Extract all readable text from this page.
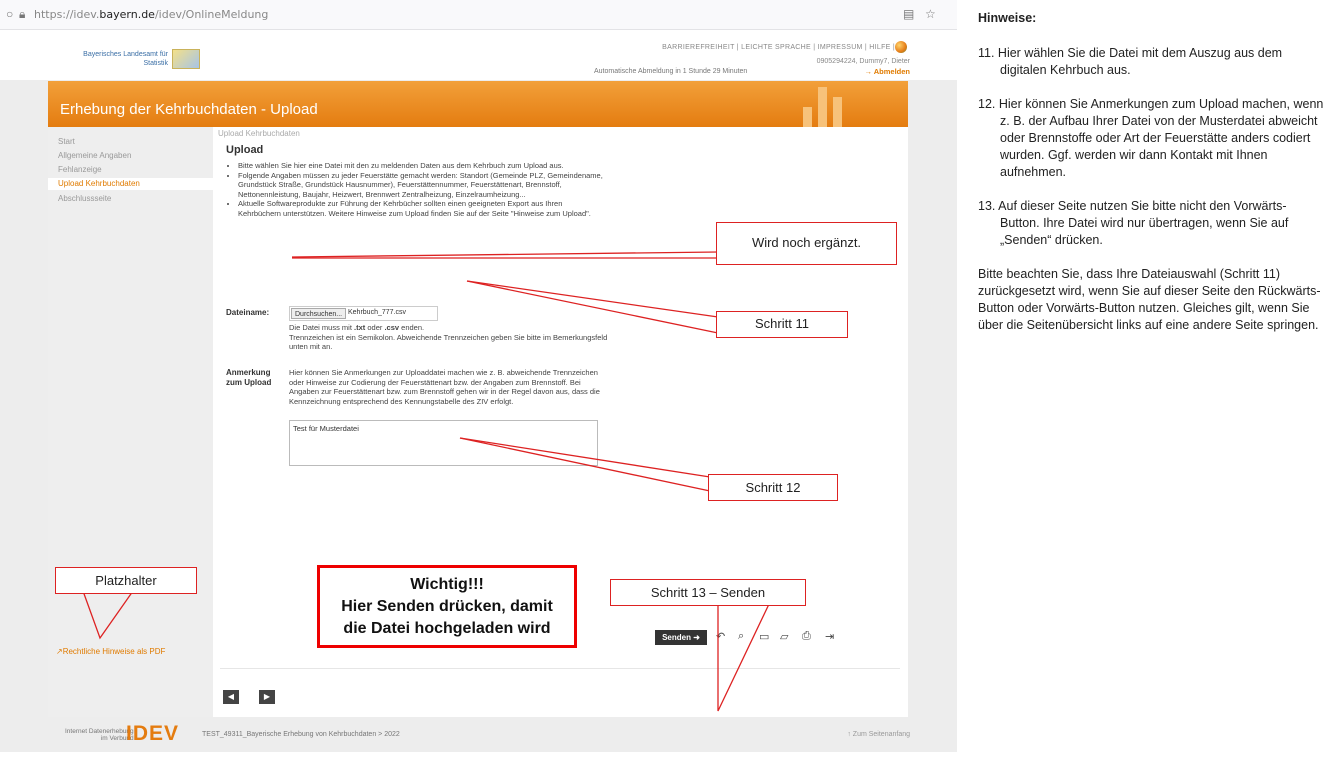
○ 🔒︎ https://idev.bayern.de/idev/OnlineMeldung	▤ ☆
Bayerisches Landesamt für
Statistik
BARRIEREFREIHEIT | LEICHTE SPRACHE | IMPRESSUM | HILFE |
0905294224, Dummy7, Dieter
→ Abmelden
Automatische Abmeldung in 1 Stunde 29 Minuten
Erhebung der Kehrbuchdaten - Upload
Start
Allgemeine Angaben
Fehlanzeige
Upload Kehrbuchdaten
Abschlussseite
↗Rechtliche Hinweise als PDF
Upload Kehrbuchdaten
Upload
• Bitte wählen Sie hier eine Datei mit den zu meldenden Daten aus dem Kehrbuch zum Upload aus.
• Folgende Angaben müssen zu jeder Feuerstätte gemacht werden: Standort (Gemeinde PLZ, Gemeindename, Grundstück Straße, Grundstück Hausnummer), Feuerstättennummer, Feuerstättenart, Brennstoff, Nettonennleistung, Baujahr, Heizwert, Brennwert Zentralheizung, Einzelraumheizung...
• Aktuelle Softwareprodukte zur Führung der Kehrbücher sollten einen geeigneten Export aus Ihren Kehrbüchern unterstützen. Weitere Hinweise zum Upload finden Sie auf der Seite "Hinweise zum Upload".
Dateiname:	Durchsuchen... Kehrbuch_777.csv
Die Datei muss mit .txt oder .csv enden.
Trennzeichen ist ein Semikolon. Abweichende Trennzeichen geben Sie bitte im Bemerkungsfeld unten mit an.
Anmerkung
zum Upload
Hier können Sie Anmerkungen zur Uploaddatei machen wie z. B. abweichende Trennzeichen oder Hinweise zur Codierung der Feuerstättenart bzw. der Angaben zum Brennstoff. Bei Angaben zur Feuerstättenart bzw. zum Brennstoff gehen wir in der Regel davon aus, dass die Kennzeichnung entsprechend des Kennungstabelle des ZIV erfolgt.
Test für Musterdatei
◀	▶
Senden ➜	↶ ⌕ ▭ ▱ ⎙ ⇥
Internet Datenerhebung
im Verbund
IDEV	TEST_49311_Bayerische Erhebung von Kehrbuchdaten > 2022	↑ Zum Seitenanfang
Wird noch ergänzt.
Schritt 11
Schritt 12
Schritt 13 – Senden
Platzhalter	Wichtig!!!
Hier Senden drücken, damit
die Datei hochgeladen wird
Hinweise:
11. Hier wählen Sie die Datei mit dem Auszug aus dem digitalen Kehrbuch aus.
12. Hier können Sie Anmerkungen zum Upload machen, wenn z. B. der Aufbau Ihrer Datei von der Musterdatei abweicht oder Brennstoffe oder Art der Feuerstätte anders codiert wurden. Ggf. werden wir dann Kontakt mit Ihnen aufnehmen.
13. Auf dieser Seite nutzen Sie bitte nicht den Vorwärts-Button. Ihre Datei wird nur übertragen, wenn Sie auf „Senden“ drücken.
Bitte beachten Sie, dass Ihre Dateiauswahl (Schritt 11) zurückgesetzt wird, wenn Sie auf dieser Seite den Rückwärts-Button oder Vorwärts-Button nutzen. Gleiches gilt, wenn Sie über die Seitenübersicht links auf eine andere Seite springen.
